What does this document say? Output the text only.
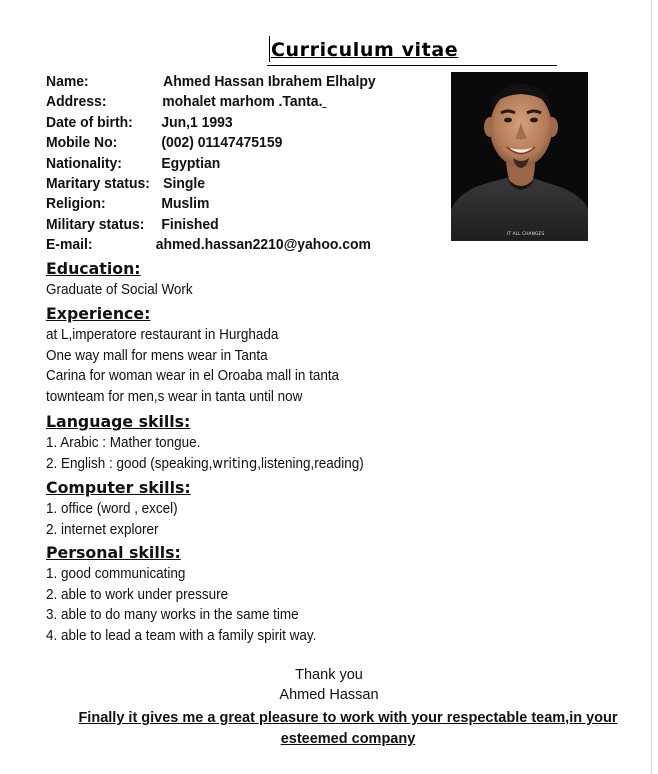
Curriculum vitae
Name:	Ahmed Hassan Ibrahem Elhalpy
Address:	mohalet marhom .Tanta.
Date of birth: Jun,1 1993
Mobile No:	(002) 01147475159
Nationality:	Egyptian
Maritary status: Single
Religion:	Muslim
Military status: Finished
E-mail:	ahmed.hassan2210@yahoo.com
IT ALL CHANGES
Education:
Graduate of Social Work
Experience:
at L,imperatore restaurant in Hurghada
One way mall for mens wear in Tanta
Carina for woman wear in el Oroaba mall in tanta
townteam for men,s wear in tanta until now
Language skills:
1. Arabic : Mather tongue.
2. English : good (speaking,writing,listening,reading)
Computer skills:
1. office (word , excel)
2. internet explorer
Personal skills:
1. good communicating
2. able to work under pressure
3. able to do many works in the same time
4. able to lead a team with a family spirit way.
Thank you
Ahmed Hassan
Finally it gives me a great pleasure to work with your respectable team,in your
esteemed company
